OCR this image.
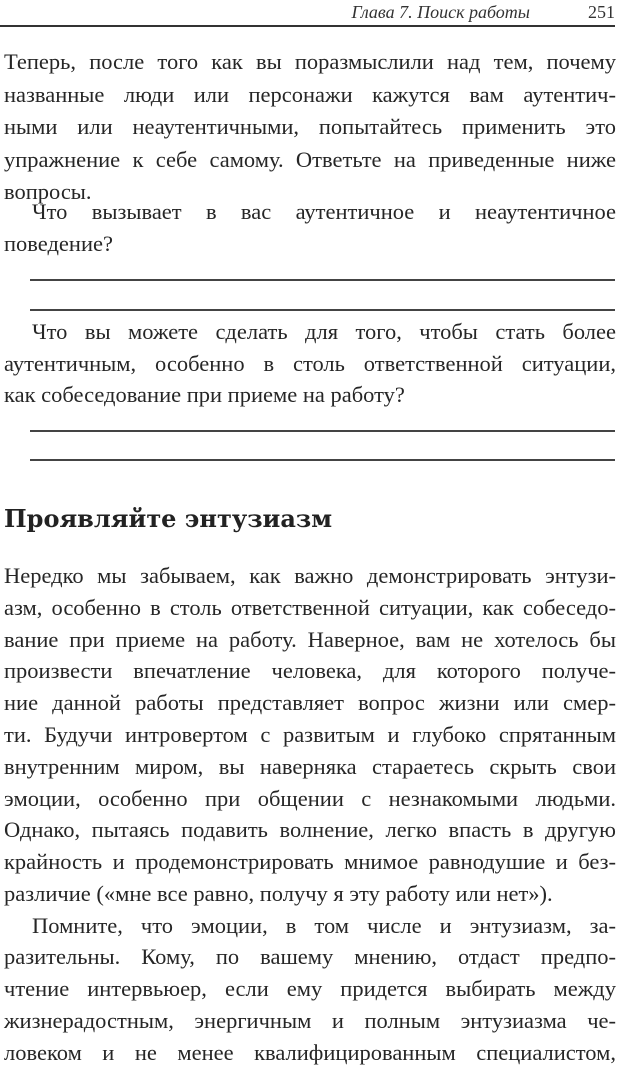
Глава 7. Поиск работы	251
Теперь, после того как вы поразмыслили над тем, почему
названные люди или персонажи кажутся вам аутентич-
ными или неаутентичными, попытайтесь применить это
упражнение к себе самому. Ответьте на приведенные ниже
вопросы.
Что вызывает в вас аутентичное и неаутентичное
поведение?
Что вы можете сделать для того, чтобы стать более
аутентичным, особенно в столь ответственной ситуации,
как собеседование при приеме на работу?
Проявляйте энтузиазм
Нередко мы забываем, как важно демонстрировать энтузи-
азм, особенно в столь ответственной ситуации, как собеседо-
вание при приеме на работу. Наверное, вам не хотелось бы
произвести впечатление человека, для которого получе-
ние данной работы представляет вопрос жизни или смер-
ти. Будучи интровертом с развитым и глубоко спрятанным
внутренним миром, вы наверняка стараетесь скрыть свои
эмоции, особенно при общении с незнакомыми людьми.
Однако, пытаясь подавить волнение, легко впасть в другую
крайность и продемонстрировать мнимое равнодушие и без-
различие («мне все равно, получу я эту работу или нет»).
Помните, что эмоции, в том числе и энтузиазм, за-
разительны. Кому, по вашему мнению, отдаст предпо-
чтение интервьюер, если ему придется выбирать между
жизнерадостным, энергичным и полным энтузиазма че-
ловеком и не менее квалифицированным специалистом,
